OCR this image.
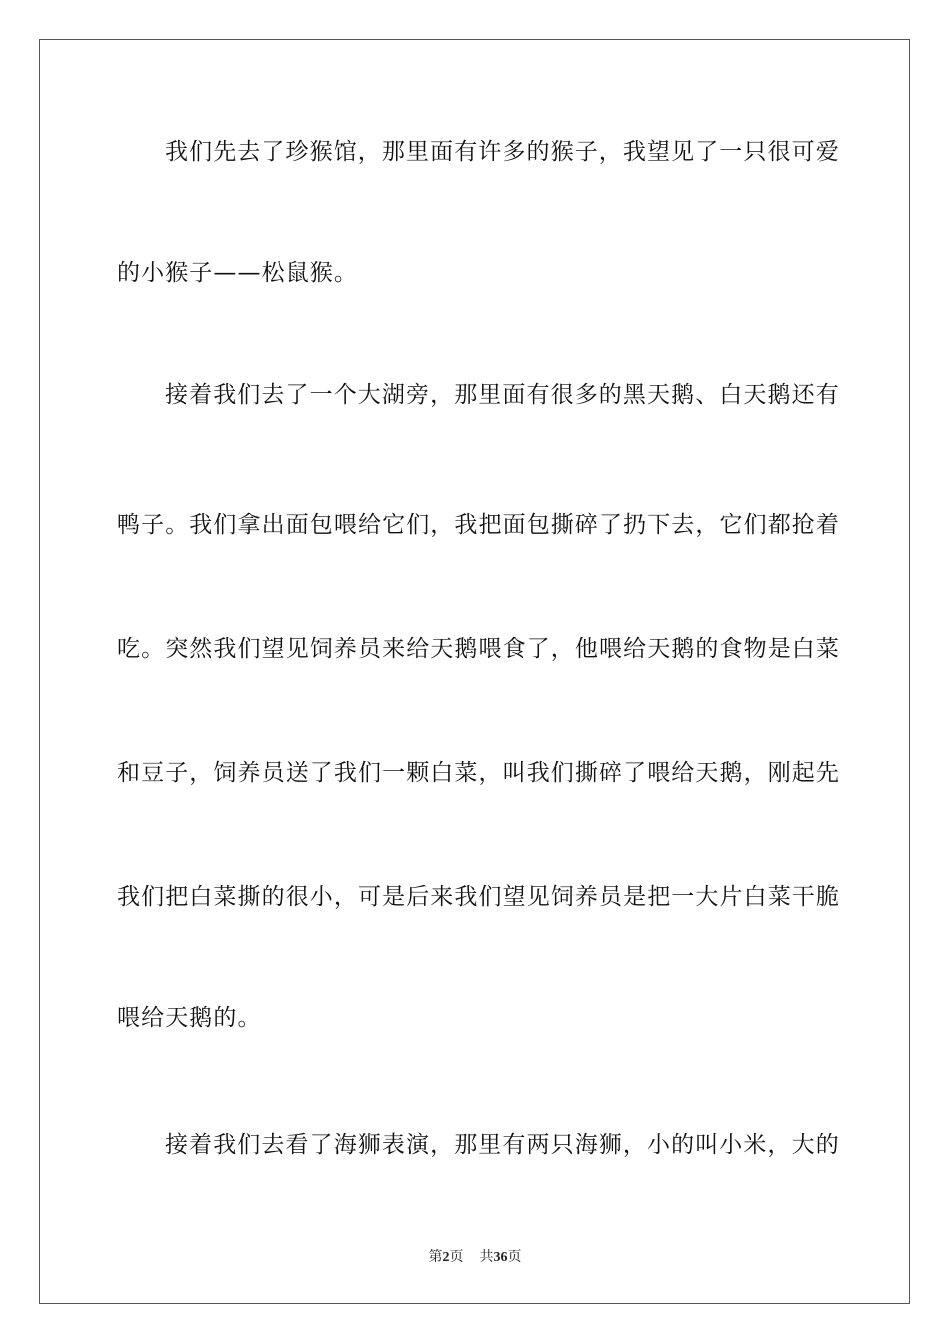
我们先去了珍猴馆，那里面有许多的猴子，我望见了一只很可爱
的小猴子——松鼠猴。
接着我们去了一个大湖旁，那里面有很多的黑天鹅、白天鹅还有
鸭子。我们拿出面包喂给它们，我把面包撕碎了扔下去，它们都抢着
吃。突然我们望见饲养员来给天鹅喂食了，他喂给天鹅的食物是白菜
和豆子，饲养员送了我们一颗白菜，叫我们撕碎了喂给天鹅，刚起先
我们把白菜撕的很小，可是后来我们望见饲养员是把一大片白菜干脆
喂给天鹅的。
接着我们去看了海狮表演，那里有两只海狮，小的叫小米，大的
第2页 共36页
